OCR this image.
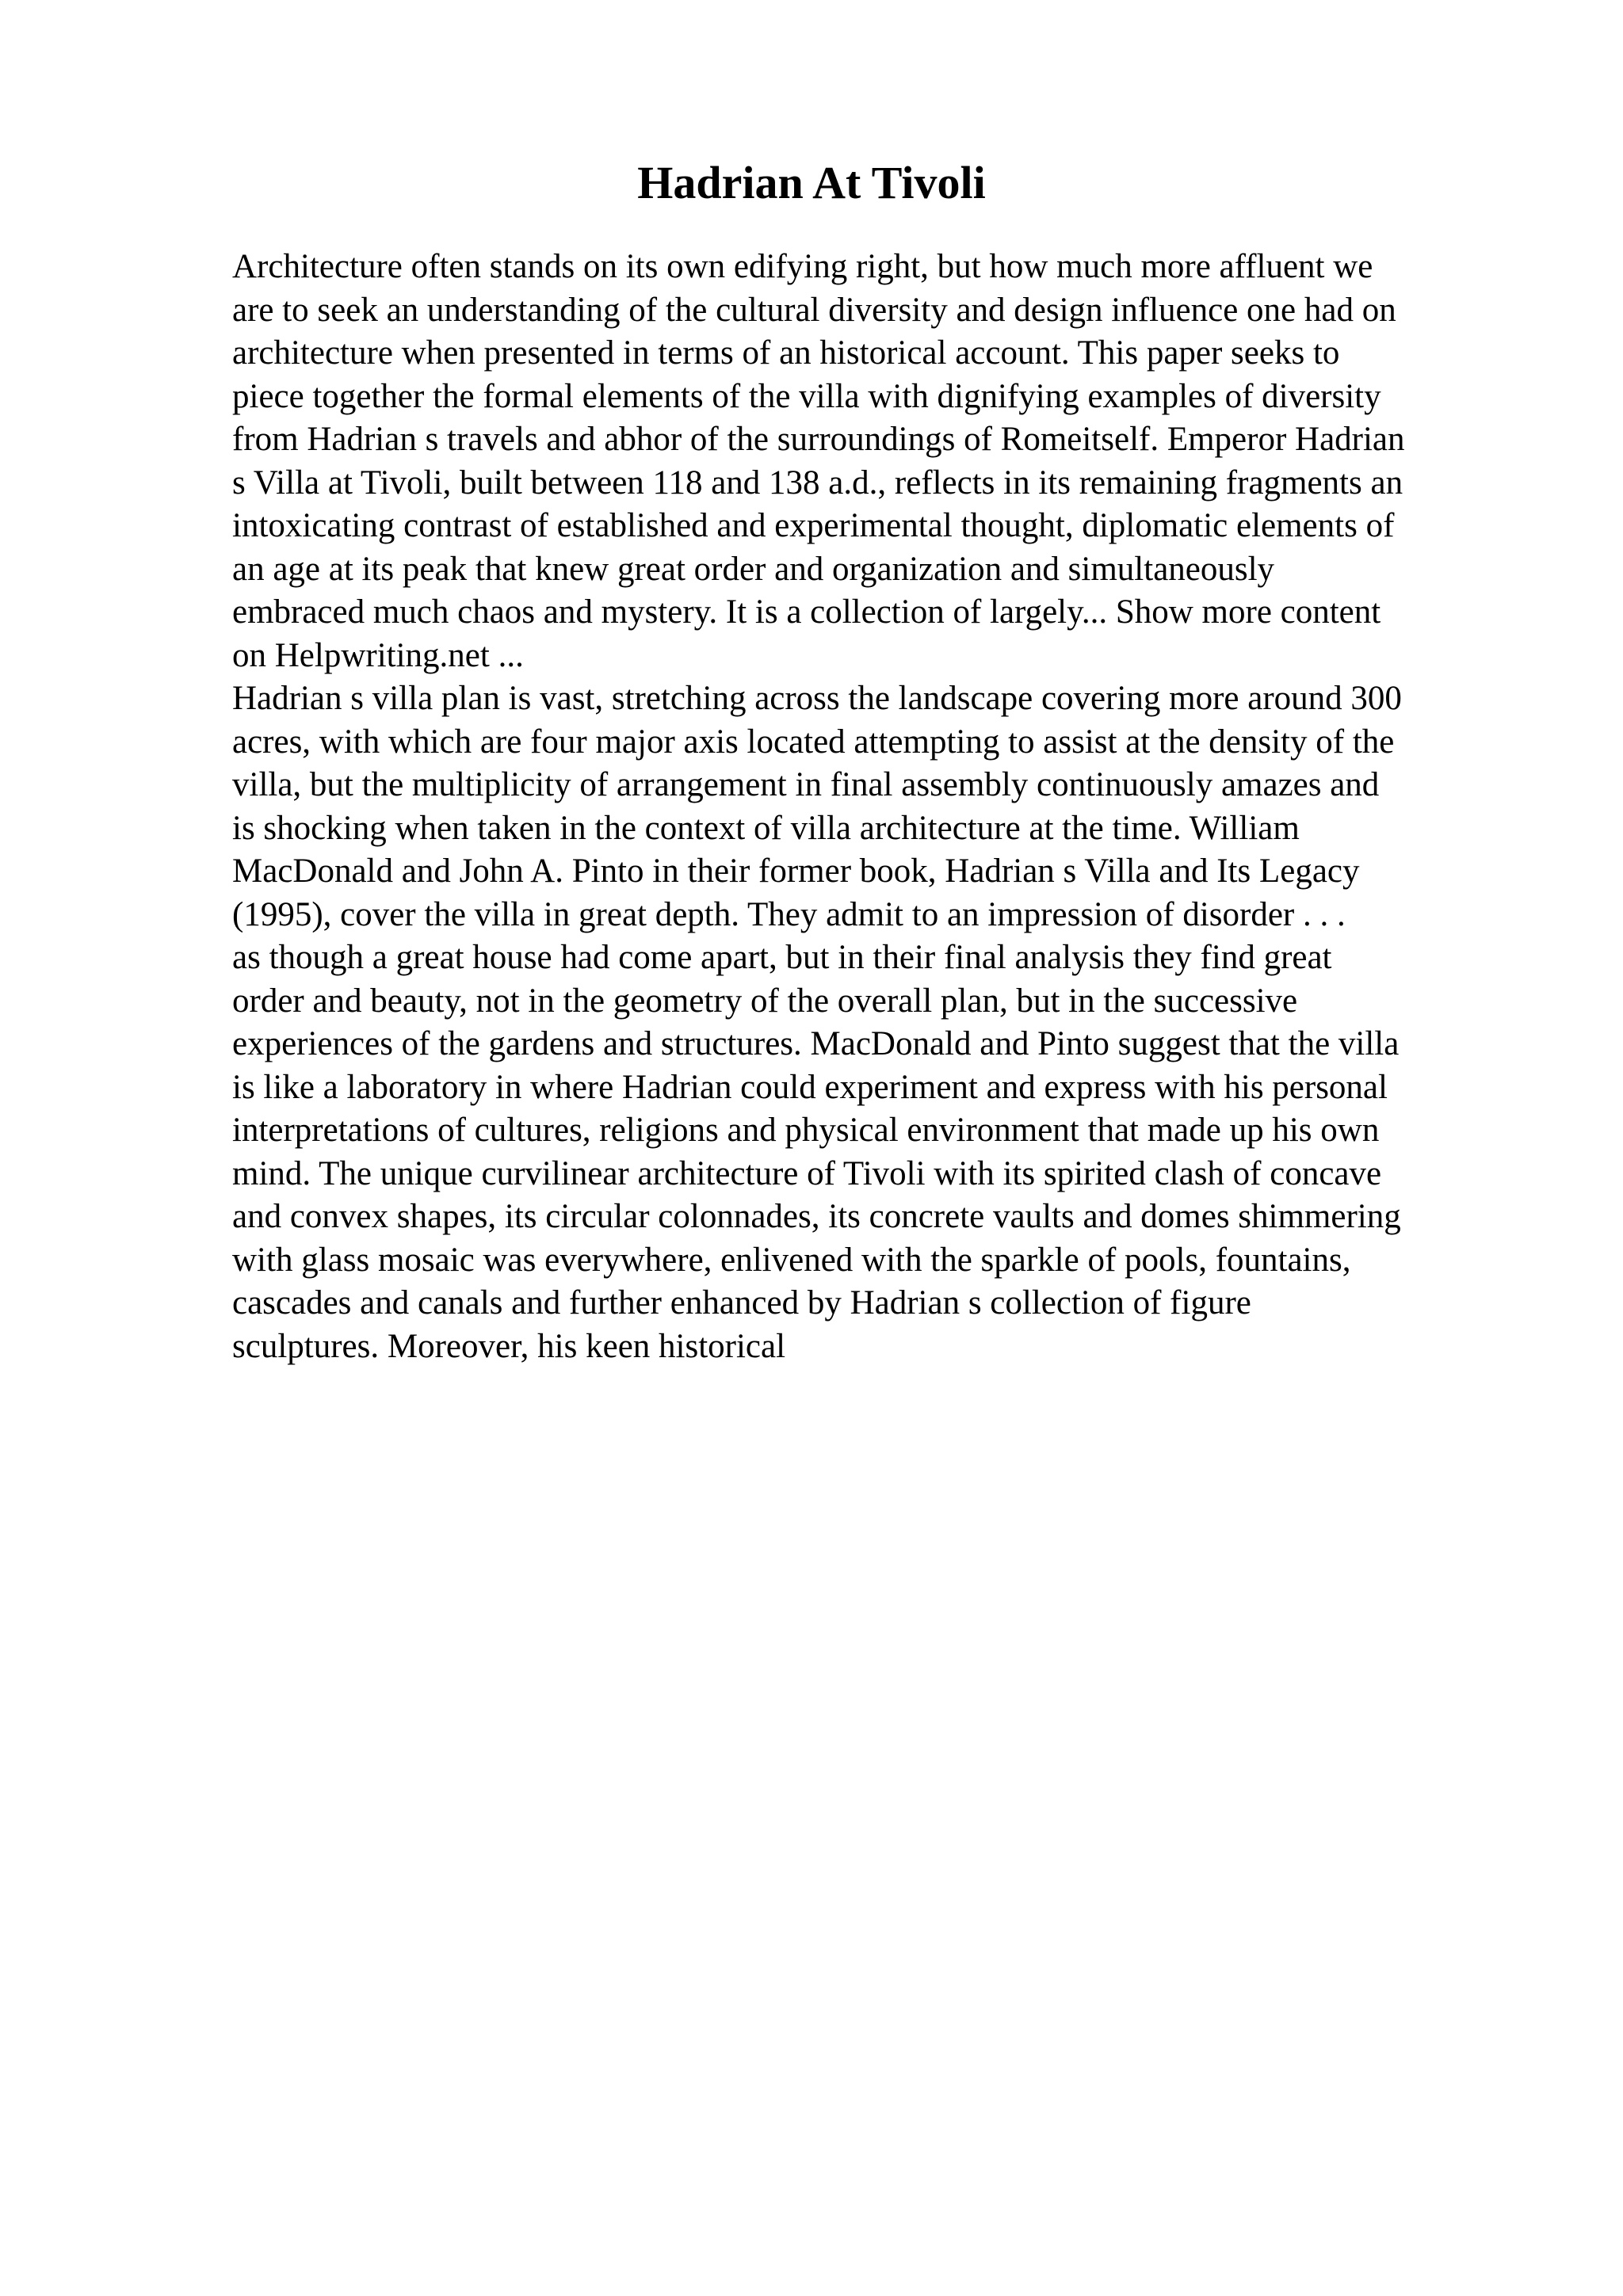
Hadrian At Tivoli
Architecture often stands on its own edifying right, but how much more affluent we
are to seek an understanding of the cultural diversity and design influence one had on
architecture when presented in terms of an historical account. This paper seeks to
piece together the formal elements of the villa with dignifying examples of diversity
from Hadrian s travels and abhor of the surroundings of Romeitself. Emperor Hadrian
s Villa at Tivoli, built between 118 and 138 a.d., reflects in its remaining fragments an
intoxicating contrast of established and experimental thought, diplomatic elements of
an age at its peak that knew great order and organization and simultaneously
embraced much chaos and mystery. It is a collection of largely... Show more content
on Helpwriting.net ...
Hadrian s villa plan is vast, stretching across the landscape covering more around 300
acres, with which are four major axis located attempting to assist at the density of the
villa, but the multiplicity of arrangement in final assembly continuously amazes and
is shocking when taken in the context of villa architecture at the time. William
MacDonald and John A. Pinto in their former book, Hadrian s Villa and Its Legacy
(1995), cover the villa in great depth. They admit to an impression of disorder . . .
as though a great house had come apart, but in their final analysis they find great
order and beauty, not in the geometry of the overall plan, but in the successive
experiences of the gardens and structures. MacDonald and Pinto suggest that the villa
is like a laboratory in where Hadrian could experiment and express with his personal
interpretations of cultures, religions and physical environment that made up his own
mind. The unique curvilinear architecture of Tivoli with its spirited clash of concave
and convex shapes, its circular colonnades, its concrete vaults and domes shimmering
with glass mosaic was everywhere, enlivened with the sparkle of pools, fountains,
cascades and canals and further enhanced by Hadrian s collection of figure
sculptures. Moreover, his keen historical
